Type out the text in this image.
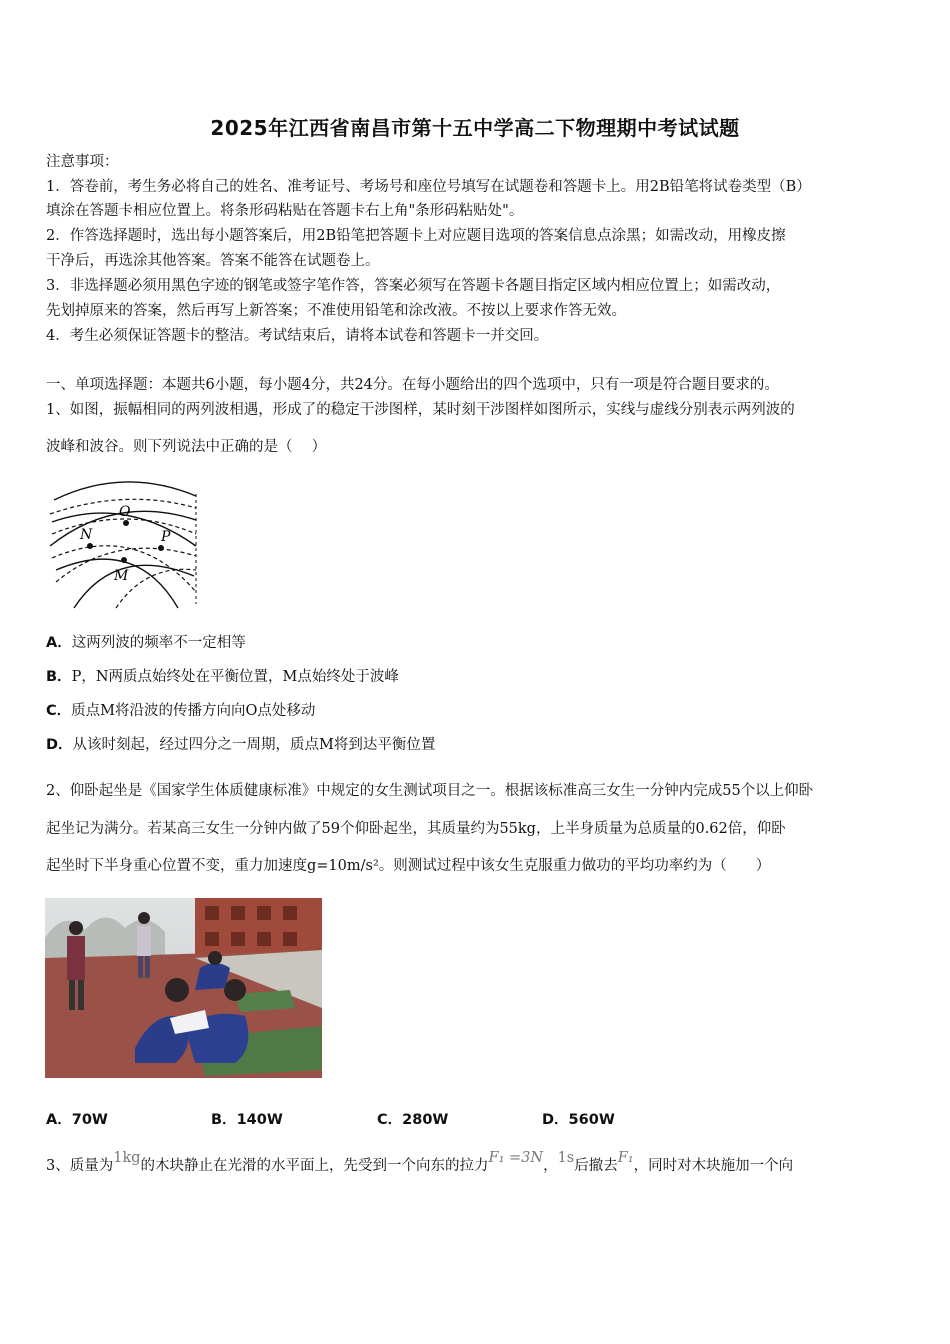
2025年江西省南昌市第十五中学高二下物理期中考试试题
注意事项：
1．答卷前，考生务必将自己的姓名、准考证号、考场号和座位号填写在试题卷和答题卡上。用2B铅笔将试卷类型（B）
填涂在答题卡相应位置上。将条形码粘贴在答题卡右上角"条形码粘贴处"。
2．作答选择题时，选出每小题答案后，用2B铅笔把答题卡上对应题目选项的答案信息点涂黑；如需改动，用橡皮擦
干净后，再选涂其他答案。答案不能答在试题卷上。
3．非选择题必须用黑色字迹的钢笔或签字笔作答，答案必须写在答题卡各题目指定区域内相应位置上；如需改动，
先划掉原来的答案，然后再写上新答案；不准使用铅笔和涂改液。不按以上要求作答无效。
4．考生必须保证答题卡的整洁。考试结束后，请将本试卷和答题卡一并交回。
一、单项选择题：本题共6小题，每小题4分，共24分。在每小题给出的四个选项中，只有一项是符合题目要求的。
1、如图，振幅相同的两列波相遇，形成了的稳定干涉图样，某时刻干涉图样如图所示，实线与虚线分别表示两列波的
波峰和波谷。则下列说法中正确的是（　 ）
O
N	P
M
A．这两列波的频率不一定相等
B．P，N两质点始终处在平衡位置，M点始终处于波峰
C．质点M将沿波的传播方向向O点处移动
D．从该时刻起，经过四分之一周期，质点M将到达平衡位置
2、仰卧起坐是《国家学生体质健康标准》中规定的女生测试项目之一。根据该标准高三女生一分钟内完成55个以上仰卧
起坐记为满分。若某高三女生一分钟内做了59个仰卧起坐，其质量约为55kg，上半身质量为总质量的0.62倍，仰卧
起坐时下半身重心位置不变，重力加速度g=10m/s²。则测试过程中该女生克服重力做功的平均功率约为（　　）
A．70W	B．140W	C．280W	D．560W
3、质量为1kg的木块静止在光滑的水平面上，先受到一个向东的拉力F₁ =3N，1s后撤去F₁，同时对木块施加一个向
